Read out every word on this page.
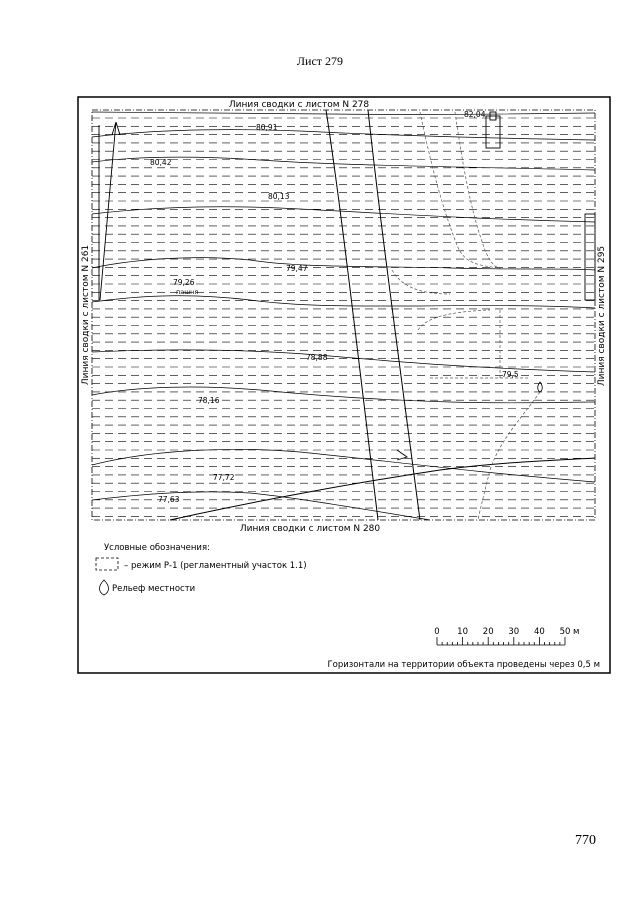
Лист 279
80,91
80,42
80,13
79,47
79,26
78,88
78,16
77,72
77,63
82,04
79,5
пашня
Линия сводки с листом N 278
Линия сводки с листом N 280
Линия сводки с листом N 261	Линия сводки с листом N 295
Условные обозначения:
– режим Р-1 (регламентный участок 1.1)
Рельеф местности
0 10 20 30 40 50 м
Горизонтали на территории объекта проведены через 0,5 м
770
